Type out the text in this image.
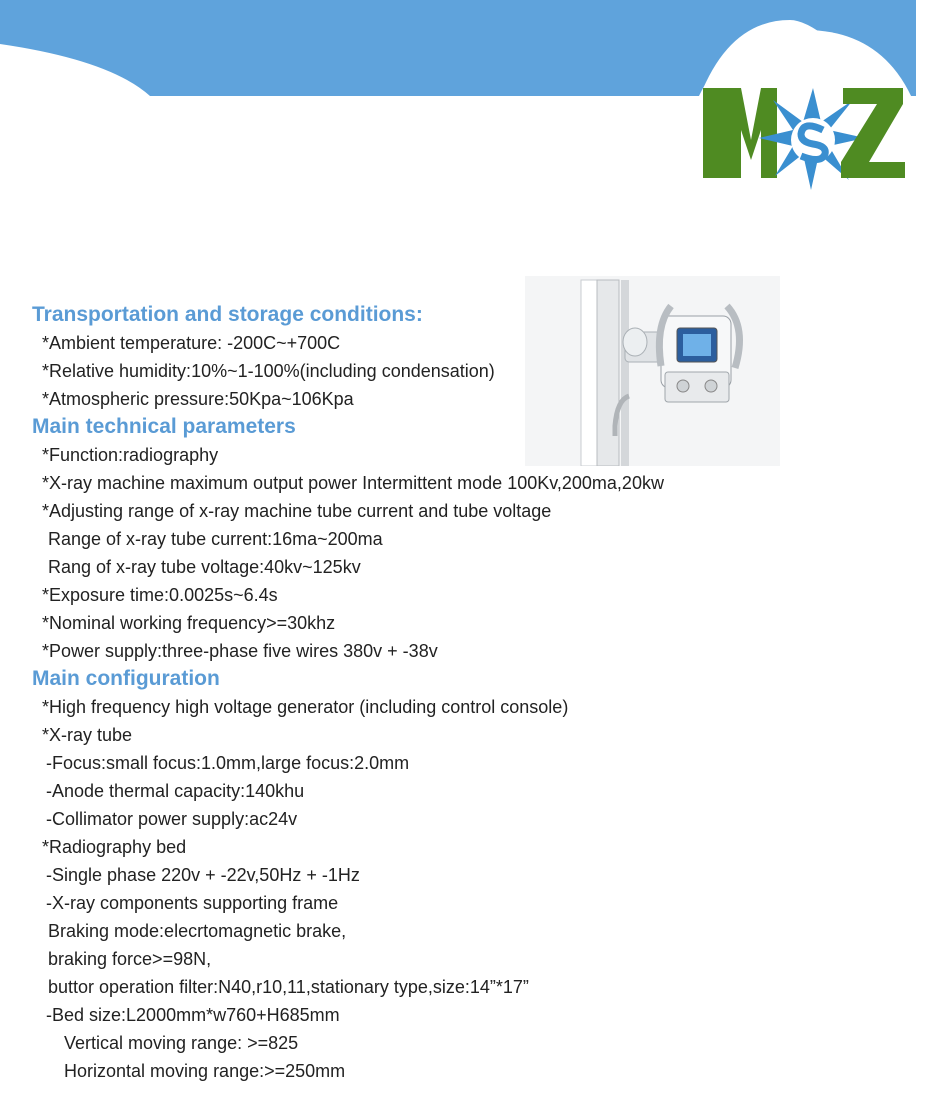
Transportation and storage conditions:
*Ambient temperature: -200C~+700C
*Relative humidity:10%~1-100%(including condensation)
*Atmospheric pressure:50Kpa~106Kpa
Main technical parameters
*Function:radiography
*X-ray machine maximum output power Intermittent mode 100Kv,200ma,20kw
*Adjusting range of x-ray machine tube current and tube voltage
Range of x-ray tube current:16ma~200ma
Rang of x-ray tube voltage:40kv~125kv
*Exposure time:0.0025s~6.4s
*Nominal working frequency>=30khz
*Power supply:three-phase five wires 380v + -38v
Main configuration
*High frequency high voltage generator (including control console)
*X-ray tube
-Focus:small focus:1.0mm,large focus:2.0mm
-Anode thermal capacity:140khu
-Collimator power supply:ac24v
*Radiography bed
-Single phase 220v + -22v,50Hz + -1Hz
-X-ray components supporting frame
Braking mode:elecrtomagnetic brake,
braking force>=98N,
buttor operation filter:N40,r10,11,stationary type,size:14”*17”
-Bed size:L2000mm*w760+H685mm
Vertical moving range: >=825
Horizontal moving range:>=250mm
